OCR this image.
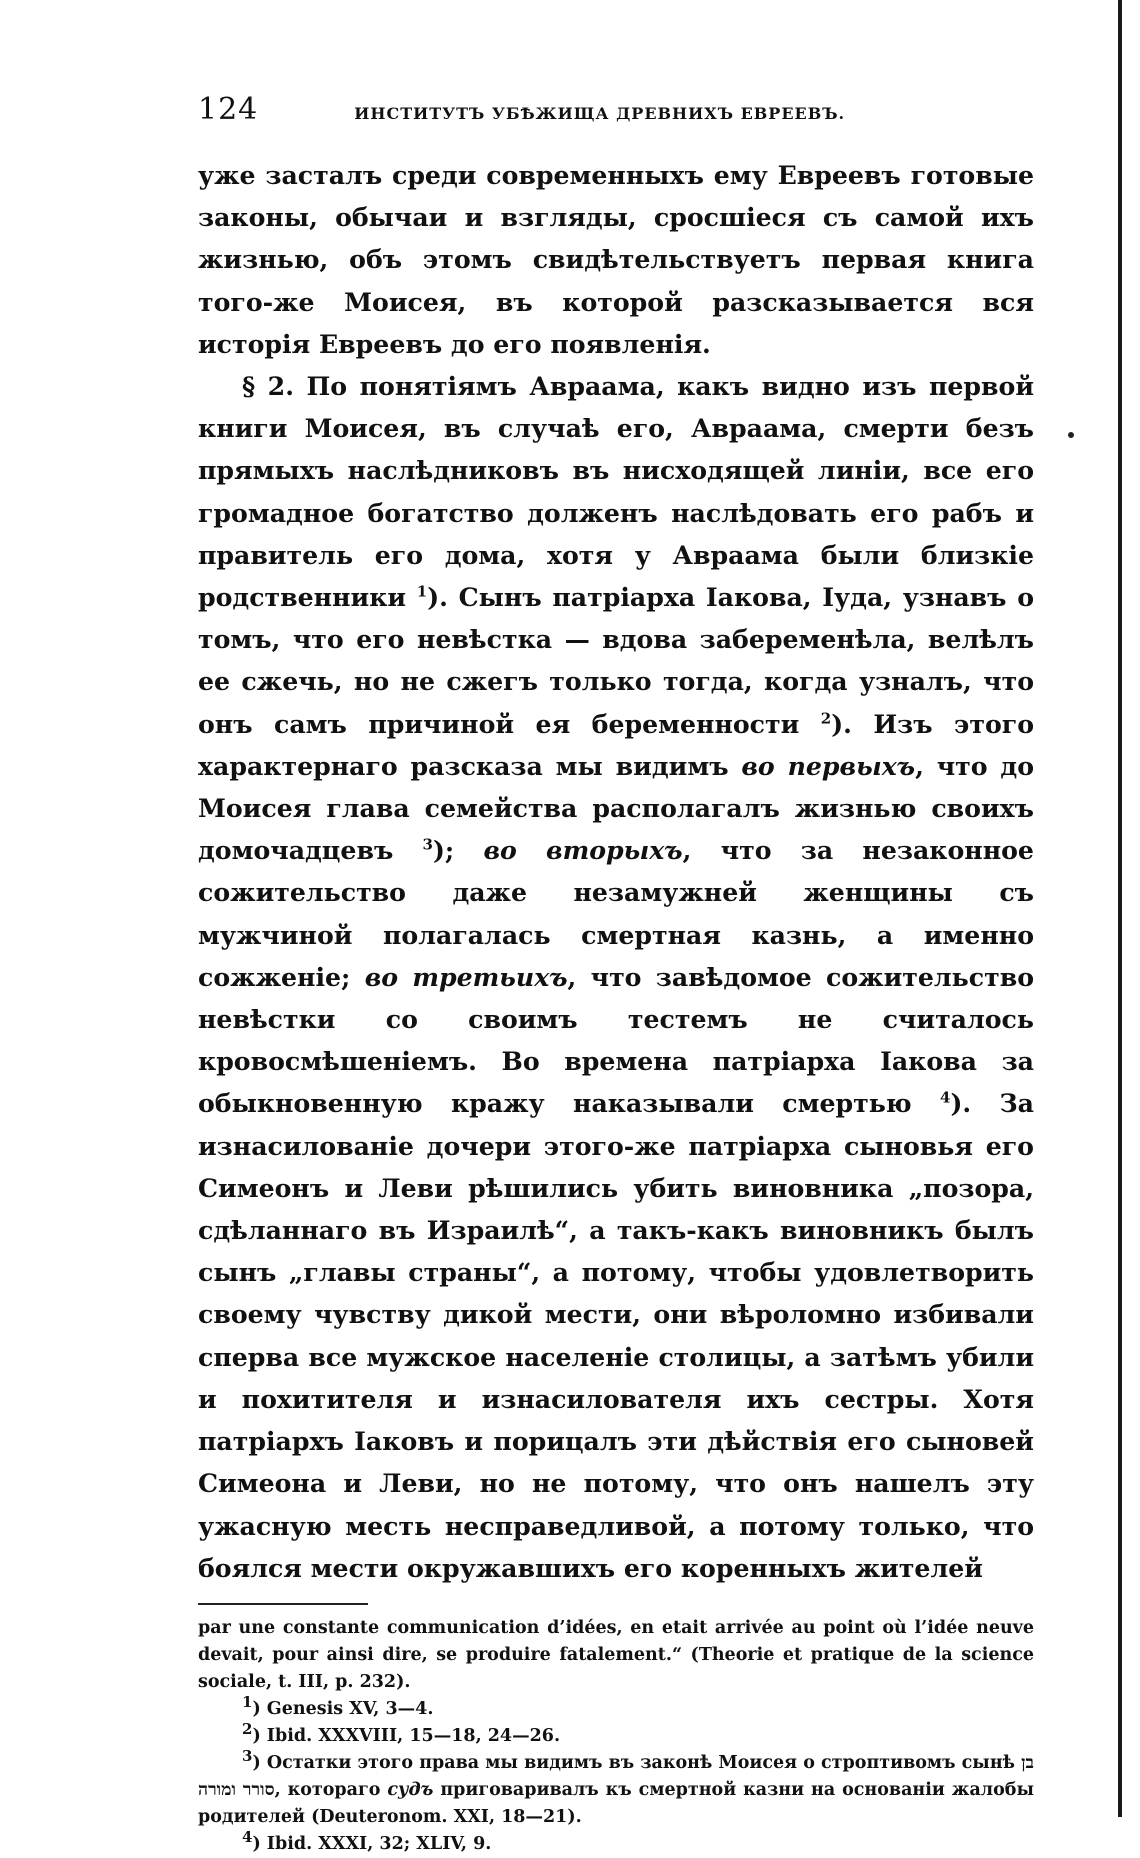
124	ИНСТИТУТЪ УБѢЖИЩА ДРЕВНИХЪ ЕВРЕЕВЪ.

уже засталъ среди современныхъ ему Евреевъ готовые законы, обычаи и взгляды, сросшіеся съ самой ихъ жизнью, объ этомъ свидѣтельствуетъ первая книга того-же Моисея, въ которой разсказывается вся исторія Евреевъ до его появленія.

§ 2. По понятіямъ Авраама, какъ видно изъ первой книги Моисея, въ случаѣ его, Авраама, смерти безъ прямыхъ наслѣдниковъ въ нисходящей линіи, все его громадное богатство долженъ наслѣдовать его рабъ и правитель его дома, хотя у Авраама были близкіе родственники $^1$). Сынъ патріарха Іакова, Іуда, узнавъ о томъ, что его невѣстка — вдова забеременѣла, велѣлъ ее сжечь, но не сжегъ только тогда, когда узналъ, что онъ самъ причиной ея беременности $^2$). Изъ этого характернаго разсказа мы видимъ во первыхъ, что до Моисея глава семейства располагалъ жизнью своихъ домочадцевъ $^3$); во вторыхъ, что за незаконное сожительство даже незамужней женщины съ мужчиной полагалась смертная казнь, а именно сожженіе; во третьихъ, что завѣдомое сожительство невѣстки со своимъ тестемъ не считалось кровосмѣшеніемъ. Во времена патріарха Іакова за обыкновенную кражу наказывали смертью $^4$). За изнасилованіе дочери этого-же патріарха сыновья его Симеонъ и Леви рѣшились убить виновника „позора, сдѣланнаго въ Израилѣ“, а такъ-какъ виновникъ былъ сынъ „главы страны“, а потому, чтобы удовлетворить своему чувству дикой мести, они вѣроломно избивали сперва все мужское населеніе столицы, а затѣмъ убили и похитителя и изнасилователя ихъ сестры. Хотя патріархъ Іаковъ и порицалъ эти дѣйствія его сыновей Симеона и Леви, но не потому, что онъ нашелъ эту ужасную месть несправедливой, а потому только, что боялся мести окружавшихъ его коренныхъ жителей

par une constante communication d’idées, en etait arrivée au point où l’idée neuve devait, pour ainsi dire, se produire fatalement.“ (Theorie et pratique de la science sociale, t. III, p. 232).

$^1$) Genesis XV, 3—4.

$^2$) Ibid. XXXVIII, 15—18, 24—26.

$^3$) Остатки этого права мы видимъ въ законѣ Моисея о строптивомъ сынѣ בן סורר ומורה, котораго судъ приговаривалъ къ смертной казни на основаніи жалобы родителей (Deuteronom. XXI, 18—21).

$^4$) Ibid. XXXI, 32; XLIV, 9.
